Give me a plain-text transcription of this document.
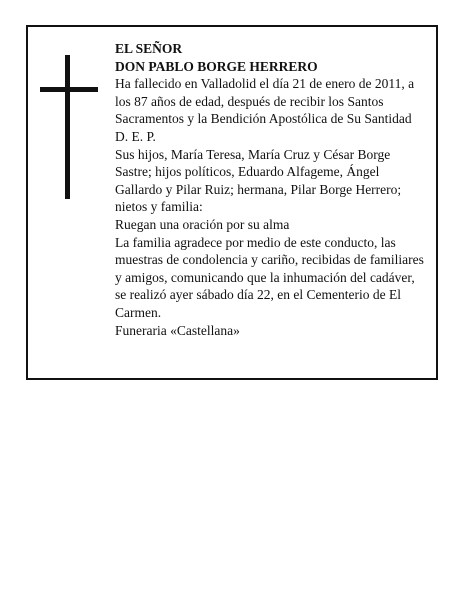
EL SEÑOR

DON PABLO BORGE HERRERO

Ha fallecido en Valladolid el día 21 de enero de 2011, a los 87 años de edad, después de recibir los Santos Sacramentos y la Bendición Apostólica de Su Santidad D. E. P.

Sus hijos, María Teresa, María Cruz y César Borge Sastre; hijos políticos, Eduardo Alfageme, Ángel Gallardo y Pilar Ruiz; hermana, Pilar Borge Herrero; nietos y familia:

Ruegan una oración por su alma

La familia agradece por medio de este conducto, las muestras de condolencia y cariño, recibidas de familiares y amigos, comunicando que la inhumación del cadáver, se realizó ayer sábado día 22, en el Cementerio de El Carmen.

Funeraria «Castellana»
